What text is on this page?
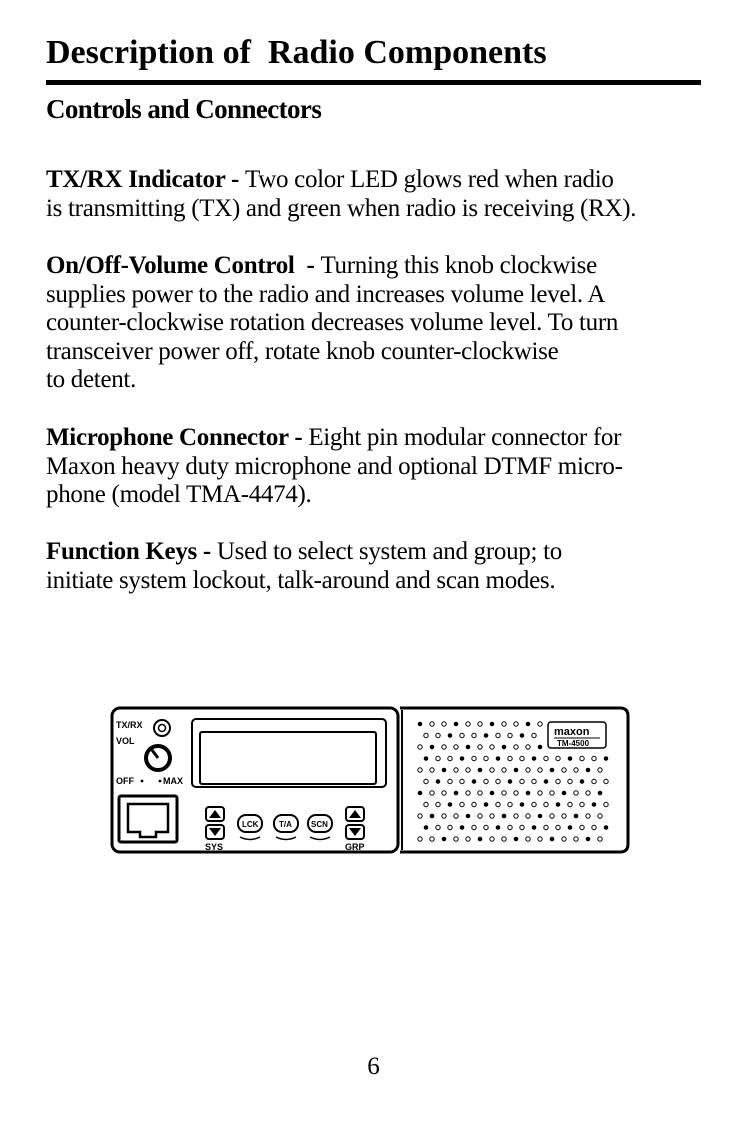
Description of  Radio Components
Controls and Connectors

TX/RX Indicator - Two color LED glows red when radio
is transmitting (TX) and green when radio is receiving (RX).

On/Off-Volume Control  - Turning this knob clockwise
supplies power to the radio and increases volume level. A
counter-clockwise rotation decreases volume level. To turn
transceiver power off, rotate knob counter-clockwise
to detent.

Microphone Connector - Eight pin modular connector for
Maxon heavy duty microphone and optional DTMF micro-
phone (model TMA-4474).

Function Keys - Used to select system and group; to
initiate system lockout, talk-around and scan modes.

TX/RX
VOL
OFF	MAX
SYS
LCK	T/A SCN
GRP
maxon
TM-4500
6
